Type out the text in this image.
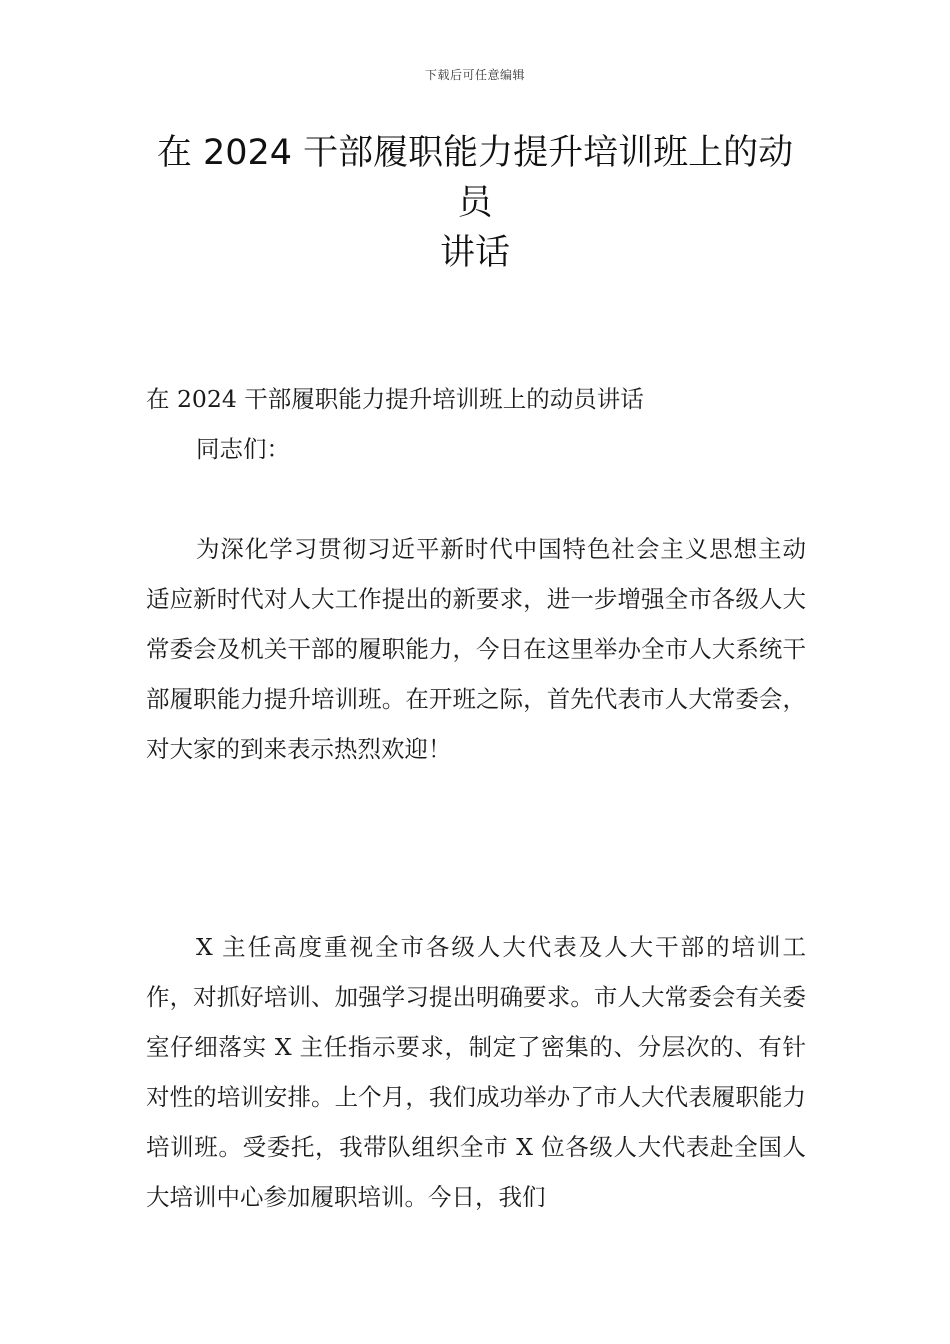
下载后可任意编辑
在 2024 干部履职能力提升培训班上的动员
讲话
在 2024 干部履职能力提升培训班上的动员讲话
同志们：
为深化学习贯彻习近平新时代中国特色社会主义思想主动适应新时代对人大工作提出的新要求，进一步增强全市各级人大常委会及机关干部的履职能力，今日在这里举办全市人大系统干部履职能力提升培训班。在开班之际，首先代表市人大常委会，对大家的到来表示热烈欢迎！
X 主任高度重视全市各级人大代表及人大干部的培训工作，对抓好培训、加强学习提出明确要求。市人大常委会有关委室仔细落实 X 主任指示要求，制定了密集的、分层次的、有针对性的培训安排。上个月，我们成功举办了市人大代表履职能力培训班。受委托，我带队组织全市 X 位各级人大代表赴全国人大培训中心参加履职培训。今日，我们
